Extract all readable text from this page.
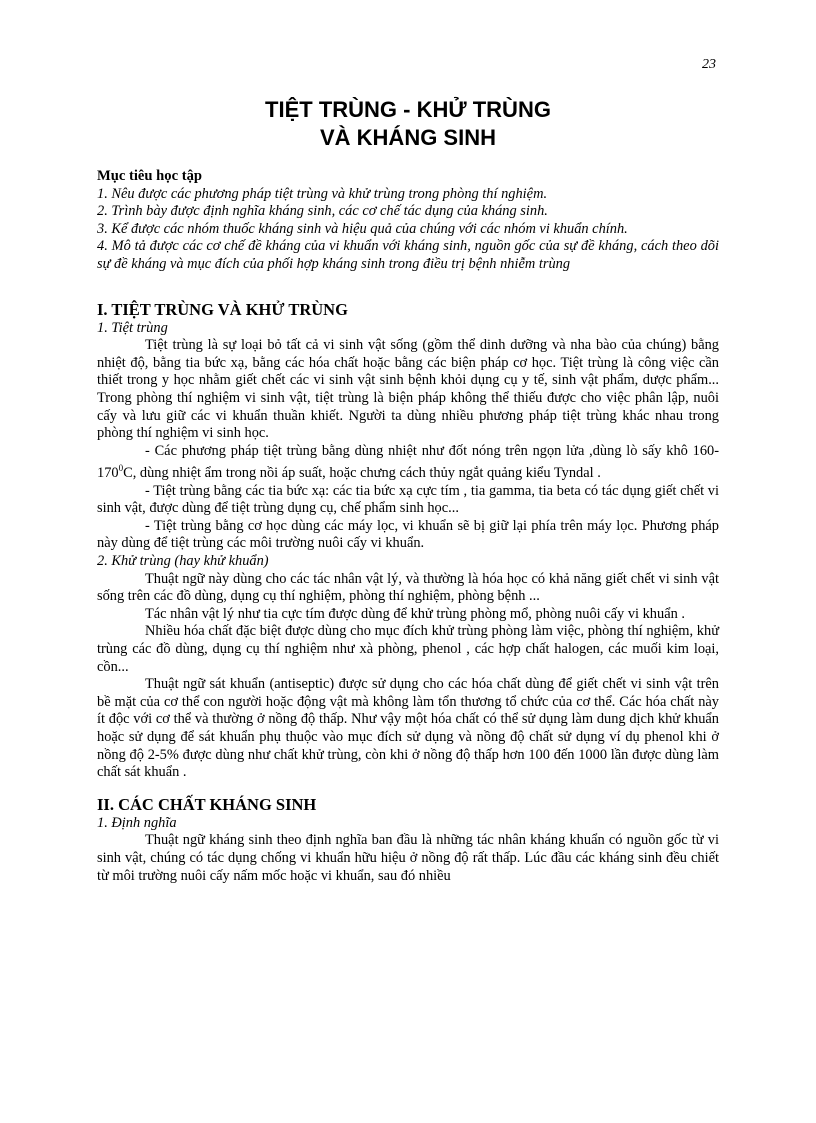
23
TIỆT TRÙNG - KHỬ TRÙNG
VÀ KHÁNG SINH

Mục tiêu học tập

1. Nêu được các phương pháp tiệt trùng và khử trùng trong phòng thí nghiệm.

2. Trình bày được định nghĩa kháng sinh, các cơ chế tác dụng của kháng sinh.

3. Kể được các nhóm thuốc kháng sinh và hiệu quả của chúng với các nhóm vi khuẩn chính.

4. Mô tả được các cơ chế đề kháng của vi khuẩn với kháng sinh, nguồn gốc của sự đề kháng, cách theo dõi sự đề kháng và mục đích của phối hợp kháng sinh trong điều trị bệnh nhiễm trùng

I. TIỆT TRÙNG VÀ KHỬ TRÙNG

1. Tiệt trùng

Tiệt trùng là sự loại bỏ tất cả vi sinh vật sống (gồm thể dinh dưỡng và nha bào của chúng) bằng nhiệt độ, bằng tia bức xạ, bằng các hóa chất hoặc bằng các biện pháp cơ học. Tiệt trùng là công việc cần thiết trong y học nhằm giết chết các vi sinh vật sinh bệnh khỏi dụng cụ y tế, sinh vật phẩm, dược phẩm... Trong phòng thí nghiệm vi sinh vật, tiệt trùng là biện pháp không thể thiếu được cho việc phân lập, nuôi cấy và lưu giữ các vi khuẩn thuần khiết. Người ta dùng nhiều phương pháp tiệt trùng khác nhau trong phòng thí nghiệm vi sinh học.

- Các phương pháp tiệt trùng bằng dùng nhiệt như đốt nóng trên ngọn lửa ,dùng lò sấy khô $160-170^0C$, dùng nhiệt ẩm trong nồi áp suất, hoặc chưng cách thủy ngắt quảng kiểu Tyndal .

- Tiệt trùng bằng các tia bức xạ: các tia bức xạ cực tím , tia gamma, tia beta có tác dụng giết chết vi sinh vật, được dùng để tiệt trùng dụng cụ, chế phẩm sinh học...

- Tiệt trùng bằng cơ học dùng các máy lọc, vi khuẩn sẽ bị giữ lại phía trên máy lọc. Phương pháp này dùng để tiệt trùng các môi trường nuôi cấy vi khuẩn.

2. Khử trùng (hay khử khuẩn)

Thuật ngữ này dùng cho các tác nhân vật lý, và thường là hóa học có khả năng giết chết vi sinh vật sống trên các đồ dùng, dụng cụ thí nghiệm, phòng thí nghiệm, phòng bệnh ...

Tác nhân vật lý như tia cực tím được dùng để khử trùng phòng mổ, phòng nuôi cấy vi khuẩn .

Nhiều hóa chất đặc biệt được dùng cho mục đích khử trùng phòng làm việc, phòng thí nghiệm, khử trùng các đồ dùng, dụng cụ thí nghiệm như xà phòng, phenol , các hợp chất halogen, các muối kim loại, cồn...

Thuật ngữ sát khuẩn (antiseptic) được sử dụng cho các hóa chất dùng để giết chết vi sinh vật trên bề mặt của cơ thể con người hoặc động vật mà không làm tổn thương tổ chức của cơ thể. Các hóa chất này ít độc với cơ thể và thường ở nồng độ thấp. Như vậy một hóa chất có thể sử dụng làm dung dịch khử khuẩn hoặc sử dụng để sát khuẩn phụ thuộc vào mục đích sử dụng và nồng độ chất sử dụng ví dụ phenol khi ở nồng độ 2-5% được dùng như chất khử trùng, còn khi ở nồng độ thấp hơn 100 đến 1000 lần được dùng làm chất sát khuẩn .

II. CÁC CHẤT KHÁNG SINH

1. Định nghĩa

Thuật ngữ kháng sinh theo định nghĩa ban đầu là những tác nhân kháng khuẩn có nguồn gốc từ vi sinh vật, chúng có tác dụng chống vi khuẩn hữu hiệu ở nồng độ rất thấp. Lúc đầu các kháng sinh đều chiết từ môi trường nuôi cấy nấm mốc hoặc vi khuẩn, sau đó nhiều
